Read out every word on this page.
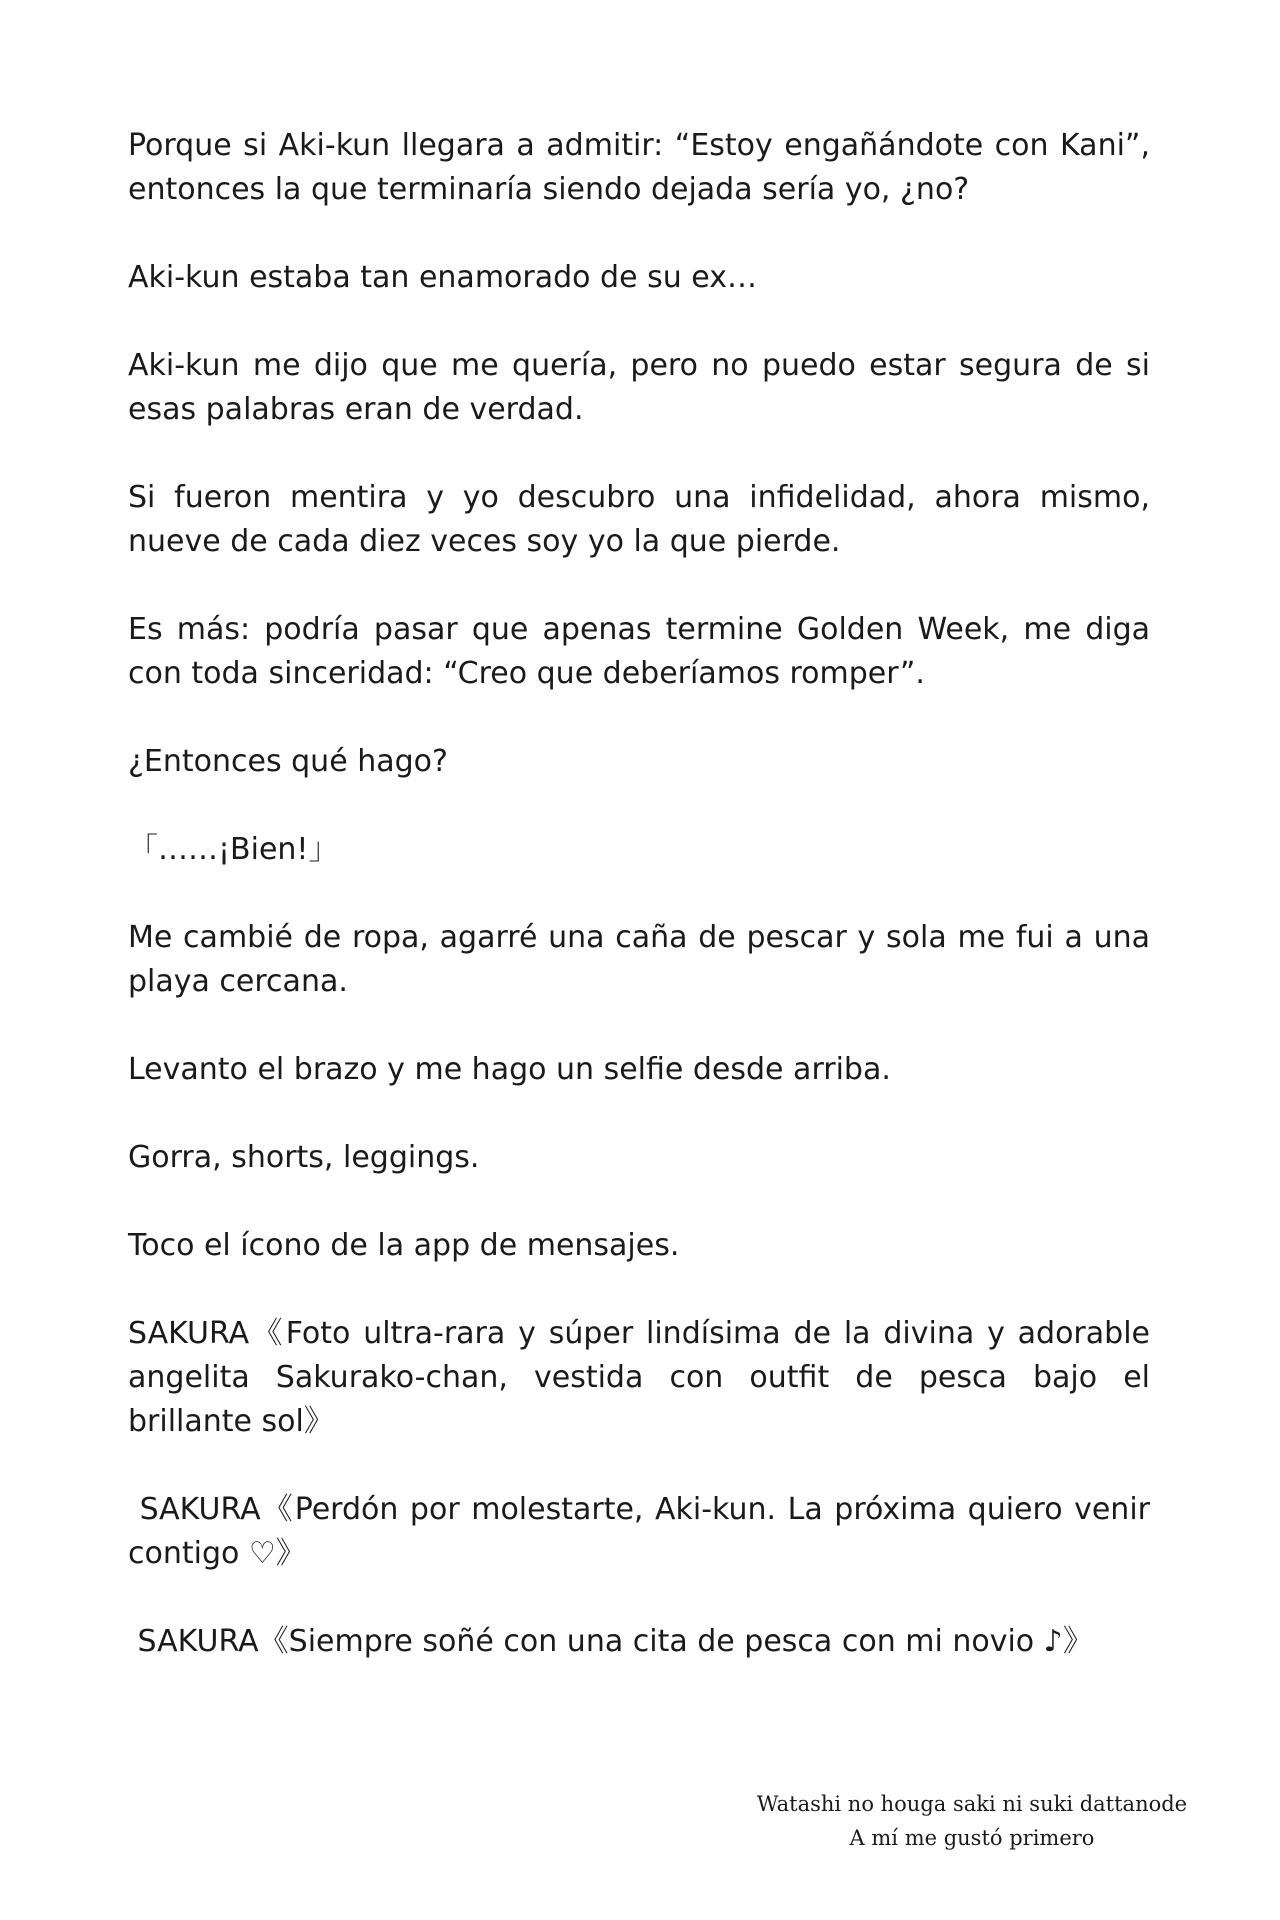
Porque si Aki-kun llegara a admitir: “Estoy engañándote con Kani”, entonces la que terminaría siendo dejada sería yo, ¿no?

Aki-kun estaba tan enamorado de su ex…

Aki-kun me dijo que me quería, pero no puedo estar segura de si esas palabras eran de verdad.

Si fueron mentira y yo descubro una infidelidad, ahora mismo, nueve de cada diez veces soy yo la que pierde.

Es más: podría pasar que apenas termine Golden Week, me diga con toda sinceridad: “Creo que deberíamos romper”.

¿Entonces qué hago?

「……¡Bien!」

Me cambié de ropa, agarré una caña de pescar y sola me fui a una playa cercana.

Levanto el brazo y me hago un selfie desde arriba.

Gorra, shorts, leggings.

Toco el ícono de la app de mensajes.

SAKURA《Foto ultra-rara y súper lindísima de la divina y adorable angelita Sakurako-chan, vestida con outfit de pesca bajo el brillante sol》

SAKURA《Perdón por molestarte, Aki-kun. La próxima quiero venir contigo ♡》

SAKURA《Siempre soñé con una cita de pesca con mi novio ♪》

Watashi no houga saki ni suki dattanode
A mí me gustó primero
